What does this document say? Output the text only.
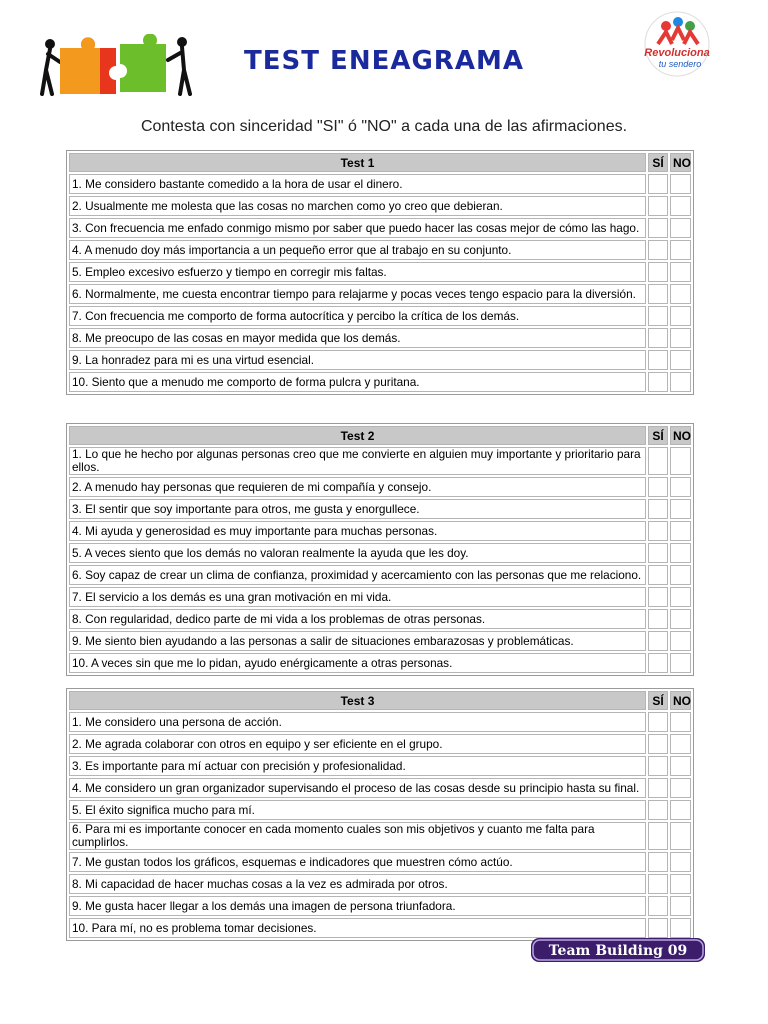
TEST ENEAGRAMA	Revoluciona
tu sendero
Contesta con sinceridad "SI" ó "NO" a cada una de las afirmaciones.
Test 1	SÍ	NO
1. Me considero bastante comedido a la hora de usar el dinero.		
2. Usualmente me molesta que las cosas no marchen como yo creo que debieran.		
3. Con frecuencia me enfado conmigo mismo por saber que puedo hacer las cosas mejor de cómo las hago.		
4. A menudo doy más importancia a un pequeño error que al trabajo en su conjunto.		
5. Empleo excesivo esfuerzo y tiempo en corregir mis faltas.		
6. Normalmente, me cuesta encontrar tiempo para relajarme y pocas veces tengo espacio para la diversión.		
7. Con frecuencia me comporto de forma autocrítica y percibo la crítica de los demás.		
8. Me preocupo de las cosas en mayor medida que los demás.		
9. La honradez para mi es una virtud esencial.		
10. Siento que a menudo me comporto de forma pulcra y puritana.		
Test 2	SÍ	NO
1. Lo que he hecho por algunas personas creo que me convierte en alguien muy importante y prioritario para ellos.		
2. A menudo hay personas que requieren de mi compañía y consejo.		
3. El sentir que soy importante para otros, me gusta y enorgullece.		
4. Mi ayuda y generosidad es muy importante para muchas personas.		
5. A veces siento que los demás no valoran realmente la ayuda que les doy.		
6. Soy capaz de crear un clima de confianza, proximidad y acercamiento con las personas que me relaciono.		
7. El servicio a los demás es una gran motivación en mi vida.		
8. Con regularidad, dedico parte de mi vida a los problemas de otras personas.		
9. Me siento bien ayudando a las personas a salir de situaciones embarazosas y problemáticas.		
10. A veces sin que me lo pidan, ayudo enérgicamente a otras personas.		
Test 3	SÍ	NO
1. Me considero una persona de acción.		
2. Me agrada colaborar con otros en equipo y ser eficiente en el grupo.		
3. Es importante para mí actuar con precisión y profesionalidad.		
4. Me considero un gran organizador supervisando el proceso de las cosas desde su principio hasta su final.		
5. El éxito significa mucho para mí.		
6. Para mi es importante conocer en cada momento cuales son mis objetivos y cuanto me falta para cumplirlos.		
7. Me gustan todos los gráficos, esquemas e indicadores que muestren cómo actúo.		
8. Mi capacidad de hacer muchas cosas a la vez es admirada por otros.		
9. Me gusta hacer llegar a los demás una imagen de persona triunfadora.		
10. Para mí, no es problema tomar decisiones.		
Team Building 09
